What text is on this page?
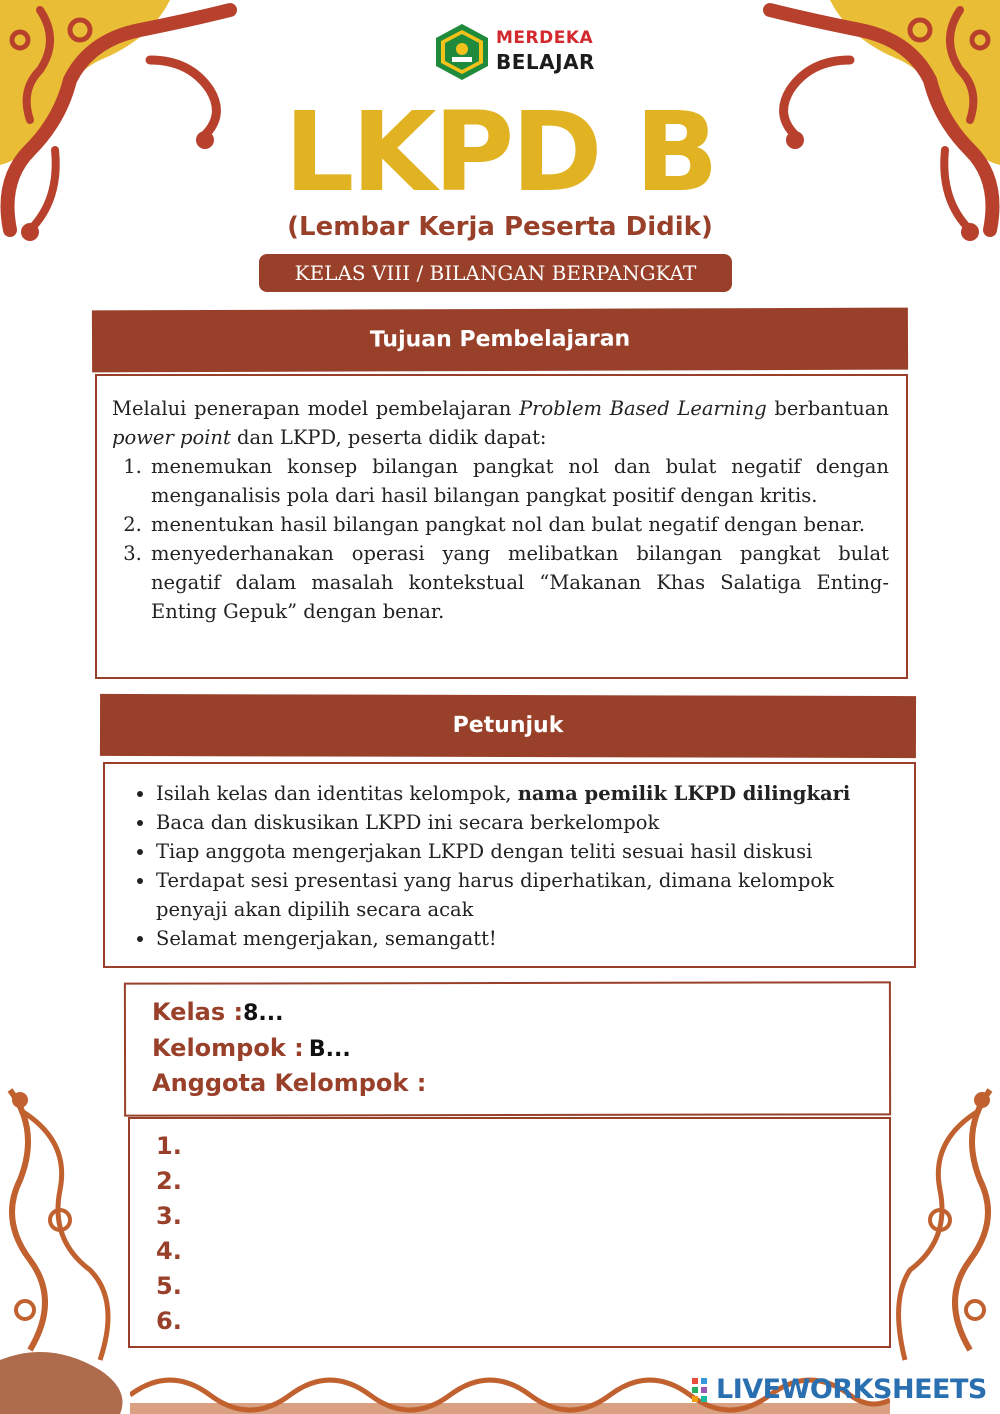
MERDEKA
BELAJAR
LKPD B
(Lembar Kerja Peserta Didik)
KELAS VIII / BILANGAN BERPANGKAT
Tujuan Pembelajaran

Melalui penerapan model pembelajaran Problem Based Learning berbantuan power point dan LKPD, peserta didik dapat:

1. menemukan konsep bilangan pangkat nol dan bulat negatif dengan menganalisis pola dari hasil bilangan pangkat positif dengan kritis.
2. menentukan hasil bilangan pangkat nol dan bulat negatif dengan benar.
3. menyederhanakan operasi yang melibatkan bilangan pangkat bulat negatif dalam masalah kontekstual “Makanan Khas Salatiga Enting-Enting Gepuk” dengan benar.
Petunjuk
• Isilah kelas dan identitas kelompok, nama pemilik LKPD dilingkari
• Baca dan diskusikan LKPD ini secara berkelompok
• Tiap anggota mengerjakan LKPD dengan teliti sesuai hasil diskusi
• Terdapat sesi presentasi yang harus diperhatikan, dimana kelompok penyaji akan dipilih secara acak
• Selamat mengerjakan, semangatt!
Kelas :8...
Kelompok : B...
Anggota Kelompok :
1.
2.
3.
4.
5.
6.
LIVEWORKSHEETS
